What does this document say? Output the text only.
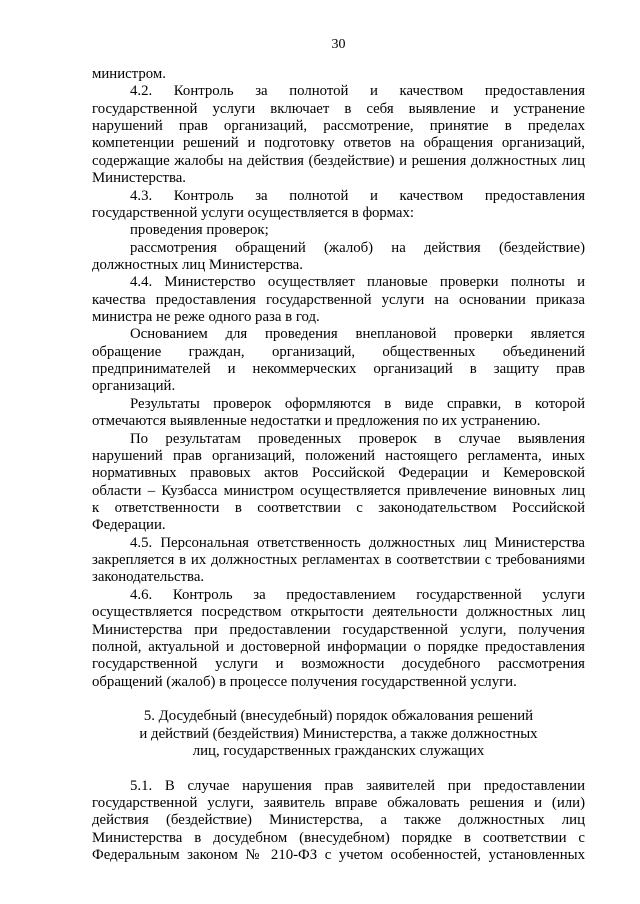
30
министром.
4.2. Контроль за полнотой и качеством предоставления
государственной услуги включает в себя выявление и устранение
нарушений прав организаций, рассмотрение, принятие в пределах
компетенции решений и подготовку ответов на обращения организаций,
содержащие жалобы на действия (бездействие) и решения должностных лиц
Министерства.
4.3. Контроль за полнотой и качеством предоставления
государственной услуги осуществляется в формах:
проведения проверок;
рассмотрения обращений (жалоб) на действия (бездействие)
должностных лиц Министерства.
4.4. Министерство осуществляет плановые проверки полноты и
качества предоставления государственной услуги на основании приказа
министра не реже одного раза в год.
Основанием для проведения внеплановой проверки является
обращение граждан, организаций, общественных объединений
предпринимателей и некоммерческих организаций в защиту прав
организаций.
Результаты проверок оформляются в виде справки, в которой
отмечаются выявленные недостатки и предложения по их устранению.
По результатам проведенных проверок в случае выявления
нарушений прав организаций, положений настоящего регламента, иных
нормативных правовых актов Российской Федерации и Кемеровской
области – Кузбасса министром осуществляется привлечение виновных лиц
к ответственности в соответствии с законодательством Российской
Федерации.
4.5. Персональная ответственность должностных лиц Министерства
закрепляется в их должностных регламентах в соответствии с требованиями
законодательства.
4.6. Контроль за предоставлением государственной услуги
осуществляется посредством открытости деятельности должностных лиц
Министерства при предоставлении государственной услуги, получения
полной, актуальной и достоверной информации о порядке предоставления
государственной услуги и возможности досудебного рассмотрения
обращений (жалоб) в процессе получения государственной услуги.
5. Досудебный (внесудебный) порядок обжалования решений
и действий (бездействия) Министерства, а также должностных
лиц, государственных гражданских служащих
5.1. В случае нарушения прав заявителей при предоставлении
государственной услуги, заявитель вправе обжаловать решения и (или)
действия (бездействие) Министерства, а также должностных лиц
Министерства в досудебном (внесудебном) порядке в соответствии с
Федеральным законом № 210-ФЗ с учетом особенностей, установленных
